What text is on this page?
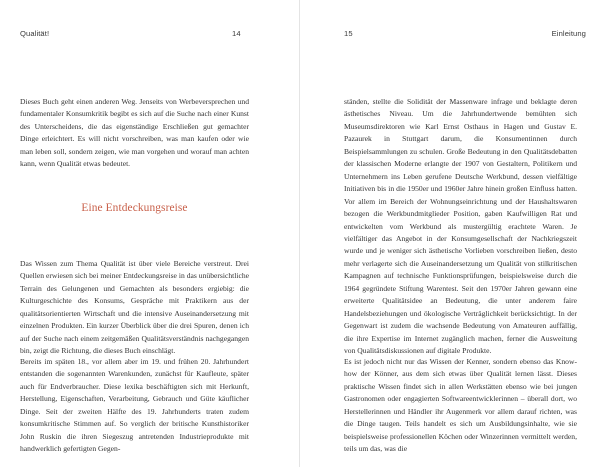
Qualität!	14

Dieses Buch geht einen anderen Weg. Jenseits von Werbeversprechen und fundamentaler Konsumkritik begibt es sich auf die Suche nach einer Kunst des Unterscheidens, die das eigenständige Erschließen gut gemachter Dinge erleichtert. Es will nicht vorschreiben, was man kaufen oder wie man leben soll, sondern zeigen, wie man vorgehen und worauf man achten kann, wenn Qualität etwas bedeutet.

Eine Entdeckungsreise

Das Wissen zum Thema Qualität ist über viele Bereiche verstreut. Drei Quellen erwiesen sich bei meiner Entdeckungsreise in das unübersichtliche Terrain des Gelungenen und Gemachten als besonders ergiebig: die Kulturgeschichte des Konsums, Gespräche mit Praktikern aus der qualitätsorientierten Wirtschaft und die intensive Auseinandersetzung mit einzelnen Produkten. Ein kurzer Überblick über die drei Spuren, denen ich auf der Suche nach einem zeitgemäßen Qualitätsverständnis nachgegangen bin, zeigt die Richtung, die dieses Buch einschlägt.

Bereits im späten 18., vor allem aber im 19. und frühen 20. Jahrhundert entstanden die sogenannten Warenkunden, zunächst für Kaufleute, später auch für Endverbraucher. Diese lexika beschäftigten sich mit Herkunft, Herstellung, Eigenschaften, Verarbeitung, Gebrauch und Güte käuflicher Dinge. Seit der zweiten Hälfte des 19. Jahrhunderts traten zudem konsumkritische Stimmen auf. So verglich der britische Kunsthistoriker John Ruskin die ihren Siegeszug antretenden Industrieprodukte mit handwerklich gefertigten Gegen-

15	Einleitung

ständen, stellte die Solidität der Massenware infrage und beklagte deren ästhetisches Niveau. Um die Jahrhundertwende bemühten sich Museumsdirektoren wie Karl Ernst Osthaus in Hagen und Gustav E. Pazaurek in Stuttgart darum, die Konsumentinnen durch Beispielsammlungen zu schulen. Große Bedeutung in den Qualitätsdebatten der klassischen Moderne erlangte der 1907 von Gestaltern, Politikern und Unternehmern ins Leben gerufene Deutsche Werkbund, dessen vielfältige Initiativen bis in die 1950er und 1960er Jahre hinein großen Einfluss hatten. Vor allem im Bereich der Wohnungseinrichtung und der Haushaltswaren bezogen die Werkbundmitglieder Position, gaben Kaufwilligen Rat und entwickelten vom Werkbund als mustergültig erachtete Waren. Je vielfältiger das Angebot in der Konsumgesellschaft der Nachkriegszeit wurde und je weniger sich ästhetische Vorlieben vorschreiben ließen, desto mehr verlagerte sich die Auseinandersetzung um Qualität von stilkritischen Kampagnen auf technische Funktionsprüfungen, beispielsweise durch die 1964 gegründete Stiftung Warentest. Seit den 1970er Jahren gewann eine erweiterte Qualitätsidee an Bedeutung, die unter anderem faire Handelsbeziehungen und ökologische Verträglichkeit berücksichtigt. In der Gegenwart ist zudem die wachsende Bedeutung von Amateuren auffällig, die ihre Expertise im Internet zugänglich machen, ferner die Ausweitung von Qualitätsdiskussionen auf digitale Produkte.

Es ist jedoch nicht nur das Wissen der Kenner, sondern ebenso das Know-how der Könner, aus dem sich etwas über Qualität lernen lässt. Dieses praktische Wissen findet sich in allen Werkstätten ebenso wie bei jungen Gastronomen oder engagierten Softwareentwicklerinnen – überall dort, wo Herstellerinnen und Händler ihr Augenmerk vor allem darauf richten, was die Dinge taugen. Teils handelt es sich um Ausbildungsinhalte, wie sie beispielsweise professionellen Köchen oder Winzerinnen vermittelt werden, teils um das, was die
